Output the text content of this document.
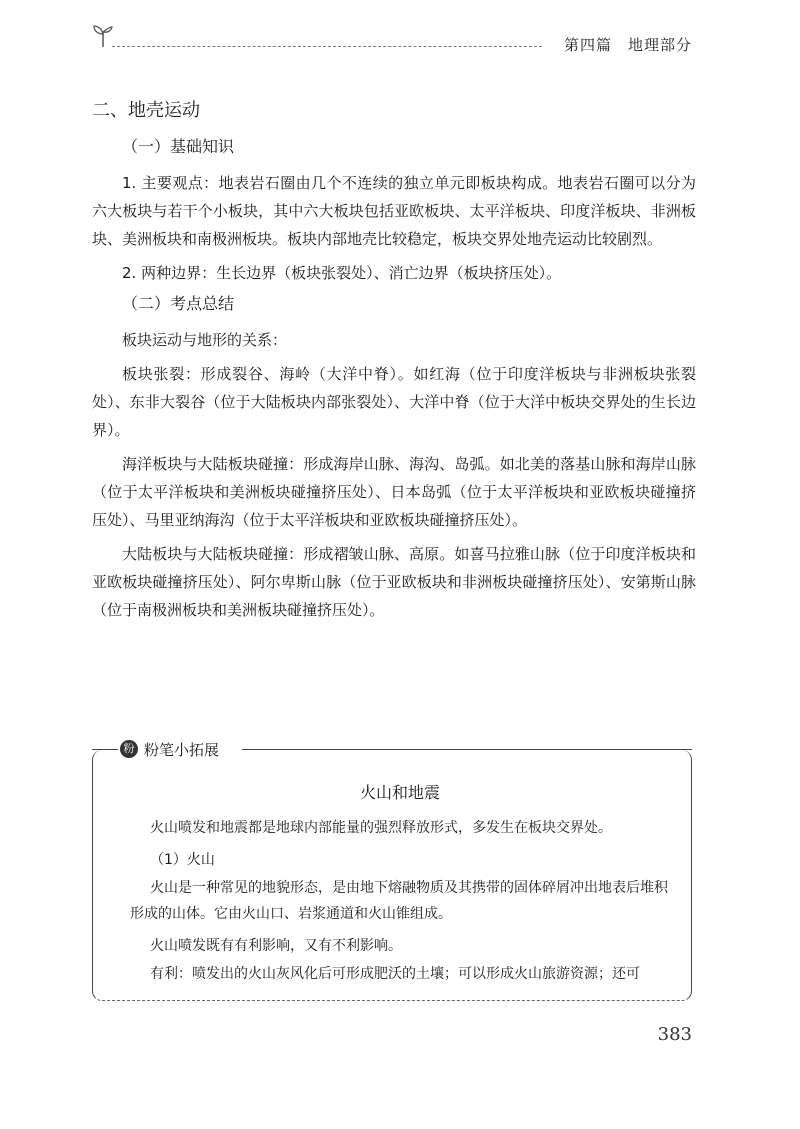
第四篇 地理部分
二、地壳运动
（一）基础知识

1. 主要观点：地表岩石圈由几个不连续的独立单元即板块构成。地表岩石圈可以分为六大板块与若干个小板块，其中六大板块包括亚欧板块、太平洋板块、印度洋板块、非洲板块、美洲板块和南极洲板块。板块内部地壳比较稳定，板块交界处地壳运动比较剧烈。

2. 两种边界：生长边界（板块张裂处）、消亡边界（板块挤压处）。

（二）考点总结

板块运动与地形的关系：

板块张裂：形成裂谷、海岭（大洋中脊）。如红海（位于印度洋板块与非洲板块张裂处）、东非大裂谷（位于大陆板块内部张裂处）、大洋中脊（位于大洋中板块交界处的生长边界）。

海洋板块与大陆板块碰撞：形成海岸山脉、海沟、岛弧。如北美的落基山脉和海岸山脉（位于太平洋板块和美洲板块碰撞挤压处）、日本岛弧（位于太平洋板块和亚欧板块碰撞挤压处）、马里亚纳海沟（位于太平洋板块和亚欧板块碰撞挤压处）。

大陆板块与大陆板块碰撞：形成褶皱山脉、高原。如喜马拉雅山脉（位于印度洋板块和亚欧板块碰撞挤压处）、阿尔卑斯山脉（位于亚欧板块和非洲板块碰撞挤压处）、安第斯山脉（位于南极洲板块和美洲板块碰撞挤压处）。

粉 粉笔小拓展
火山和地震

火山喷发和地震都是地球内部能量的强烈释放形式，多发生在板块交界处。

（1）火山

火山是一种常见的地貌形态，是由地下熔融物质及其携带的固体碎屑冲出地表后堆积形成的山体。它由火山口、岩浆通道和火山锥组成。

火山喷发既有有利影响，又有不利影响。

有利：喷发出的火山灰风化后可形成肥沃的土壤；可以形成火山旅游资源；还可

383
